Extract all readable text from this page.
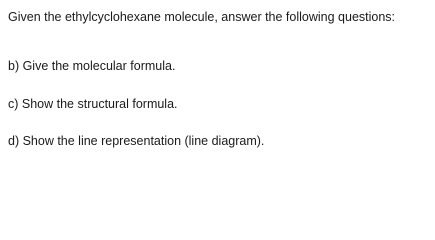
Given the ethylcyclohexane molecule, answer the following questions:
b) Give the molecular formula.
c) Show the structural formula.
d) Show the line representation (line diagram).
